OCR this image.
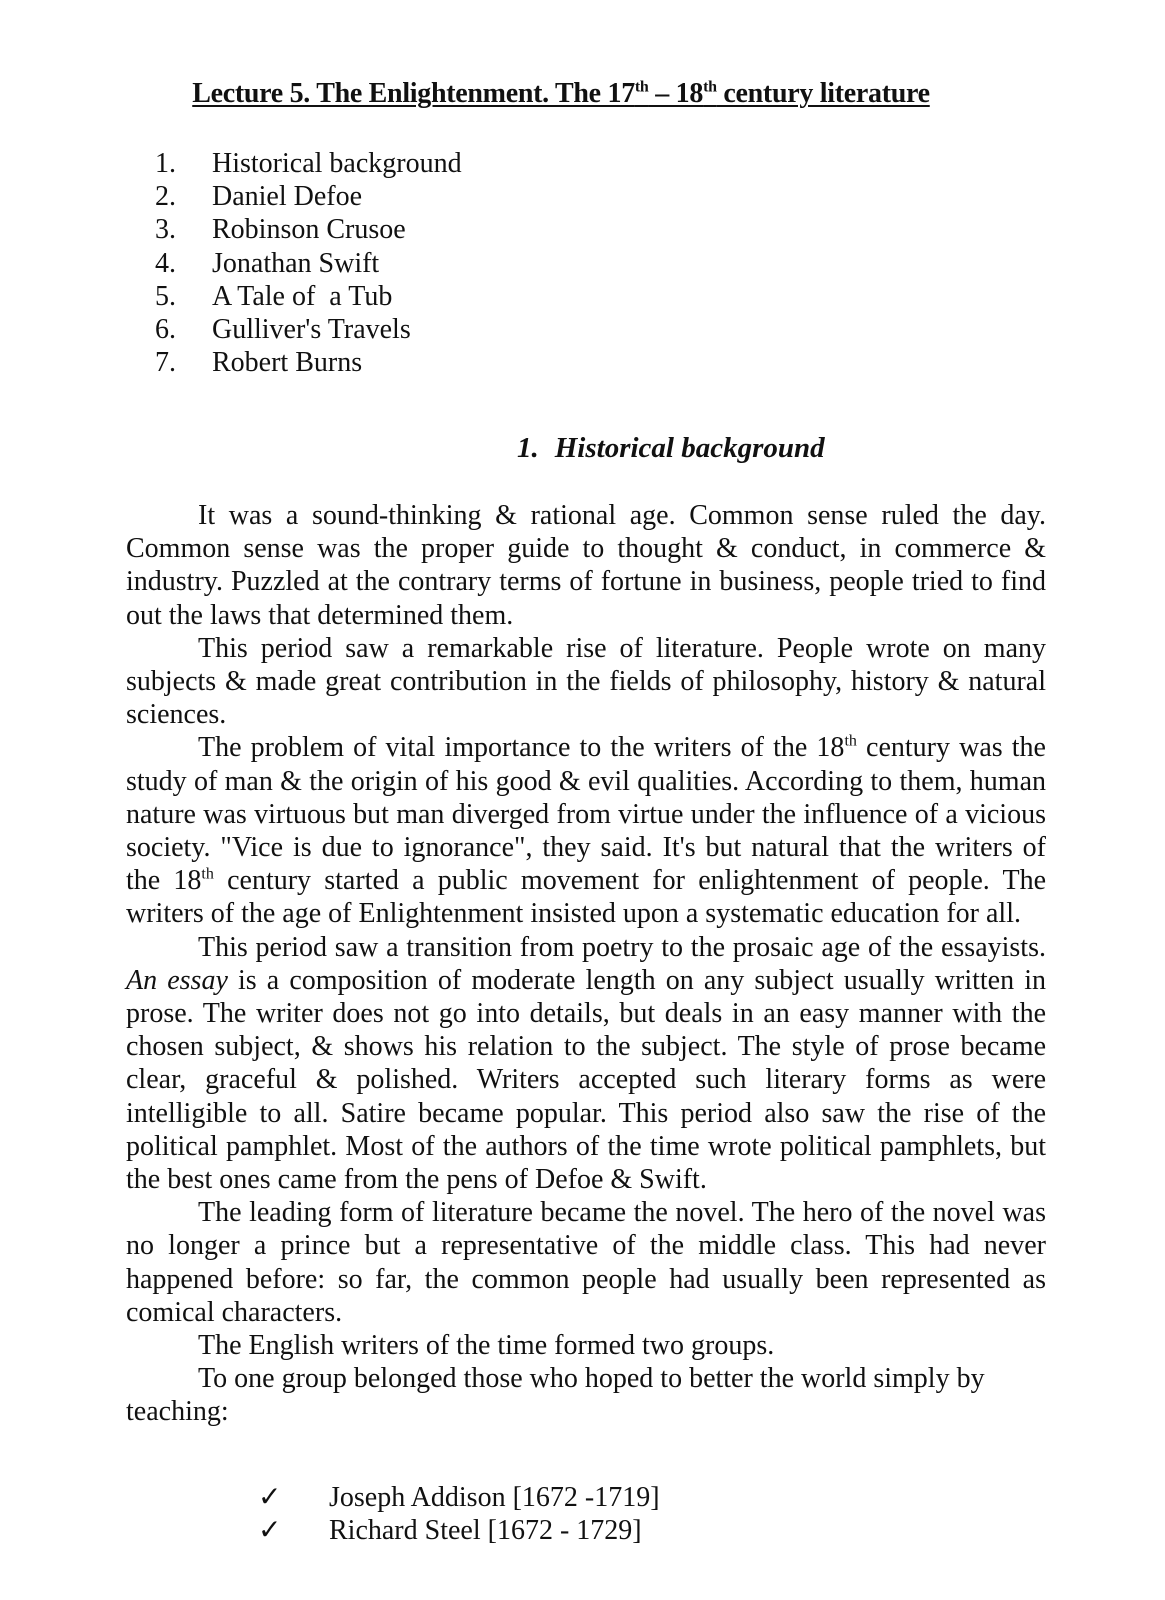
Lecture 5. The Enlightenment. The 17th – 18th century literature
1.	Historical background
2.	Daniel Defoe
3.	Robinson Crusoe
4.	Jonathan Swift
5.	A Tale of  a Tub
6.	Gulliver's Travels
7.	Robert Burns
1. Historical background

It was a sound-thinking & rational age. Common sense ruled the day. Common sense was the proper guide to thought & conduct, in commerce & industry. Puzzled at the contrary terms of fortune in business, people tried to find out the laws that determined them.

This period saw a remarkable rise of literature. People wrote on many subjects & made great contribution in the fields of philosophy, history & natural sciences.

The problem of vital importance to the writers of the 18th century was the study of man & the origin of his good & evil qualities. According to them, human nature was virtuous but man diverged from virtue under the influence of a vicious society. "Vice is due to ignorance", they said. It's but natural that the writers of the 18th century started a public movement for enlightenment of people. The writers of the age of Enlightenment insisted upon a systematic education for all.

This period saw a transition from poetry to the prosaic age of the essayists. An essay is a composition of moderate length on any subject usually written in prose. The writer does not go into details, but deals in an easy manner with the chosen subject, & shows his relation to the subject. The style of prose became clear, graceful & polished. Writers accepted such literary forms as were intelligible to all. Satire became popular. This period also saw the rise of the political pamphlet. Most of the authors of the time wrote political pamphlets, but the best ones came from the pens of Defoe & Swift.

The leading form of literature became the novel. The hero of the novel was no longer a prince but a representative of the middle class. This had never happened before: so far, the common people had usually been represented as comical characters.

The English writers of the time formed two groups.

To one group belonged those who hoped to better the world simply by teaching:

✓	Joseph Addison [1672 -1719]
✓	Richard Steel [1672 - 1729]
